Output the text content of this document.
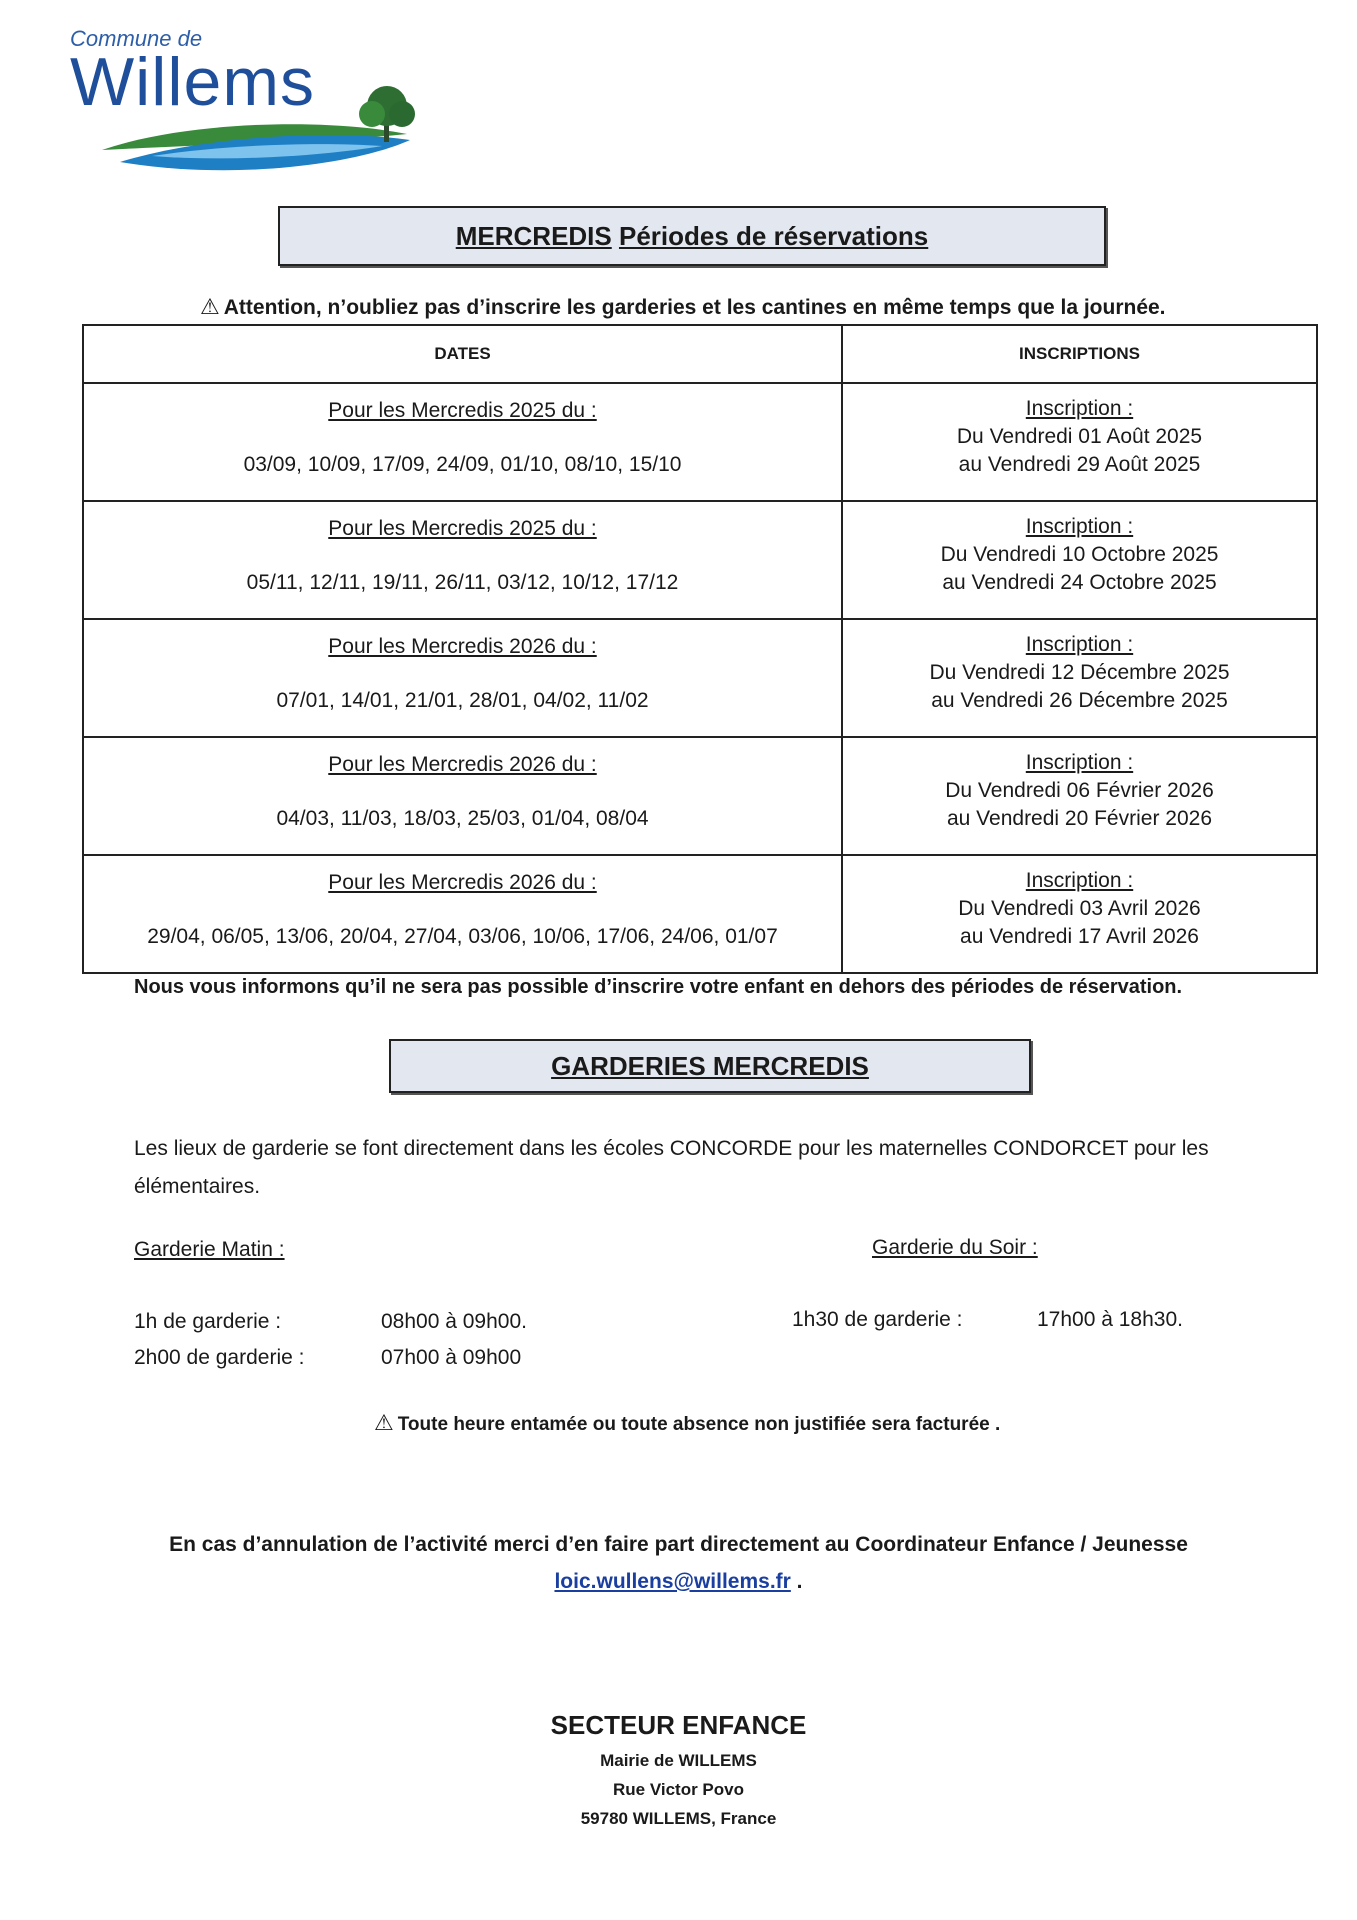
Commune de
Willems
MERCREDIS Périodes de réservations
⚠ Attention, n’oubliez pas d’inscrire les garderies et les cantines en même temps que la journée.
DATES	INSCRIPTIONS

Pour les Mercredis 2025 du :
03/09, 10/09, 17/09, 24/09, 01/10, 08/10, 15/10	Inscription :
Du Vendredi 01 Août 2025
au Vendredi 29 Août 2025

Pour les Mercredis 2025 du :
05/11, 12/11, 19/11, 26/11, 03/12, 10/12, 17/12	Inscription :
Du Vendredi 10 Octobre 2025
au Vendredi 24 Octobre 2025

Pour les Mercredis 2026 du :
07/01, 14/01, 21/01, 28/01, 04/02, 11/02	Inscription :
Du Vendredi 12 Décembre 2025
au Vendredi 26 Décembre 2025

Pour les Mercredis 2026 du :
04/03, 11/03, 18/03, 25/03, 01/04, 08/04	Inscription :
Du Vendredi 06 Février 2026
au Vendredi 20 Février 2026

Pour les Mercredis 2026 du :
29/04, 06/05, 13/06, 20/04, 27/04, 03/06, 10/06, 17/06, 24/06, 01/07	Inscription :
Du Vendredi 03 Avril 2026
au Vendredi 17 Avril 2026
Nous vous informons qu’il ne sera pas possible d’inscrire votre enfant en dehors des périodes de réservation.
GARDERIES MERCREDIS
Les lieux de garderie se font directement dans les écoles CONCORDE pour les maternelles CONDORCET pour les élémentaires.
Garderie Matin :
1h de garderie :	08h00 à 09h00.
2h00 de garderie :	07h00 à 09h00
Garderie du Soir :
1h30 de garderie :	17h00 à 18h30.
⚠ Toute heure entamée ou toute absence non justifiée sera facturée .
En cas d’annulation de l’activité merci d’en faire part directement au Coordinateur Enfance / Jeunesse
loic.wullens@willems.fr .
SECTEUR ENFANCE
Mairie de WILLEMS
Rue Victor Povo
59780 WILLEMS, France
